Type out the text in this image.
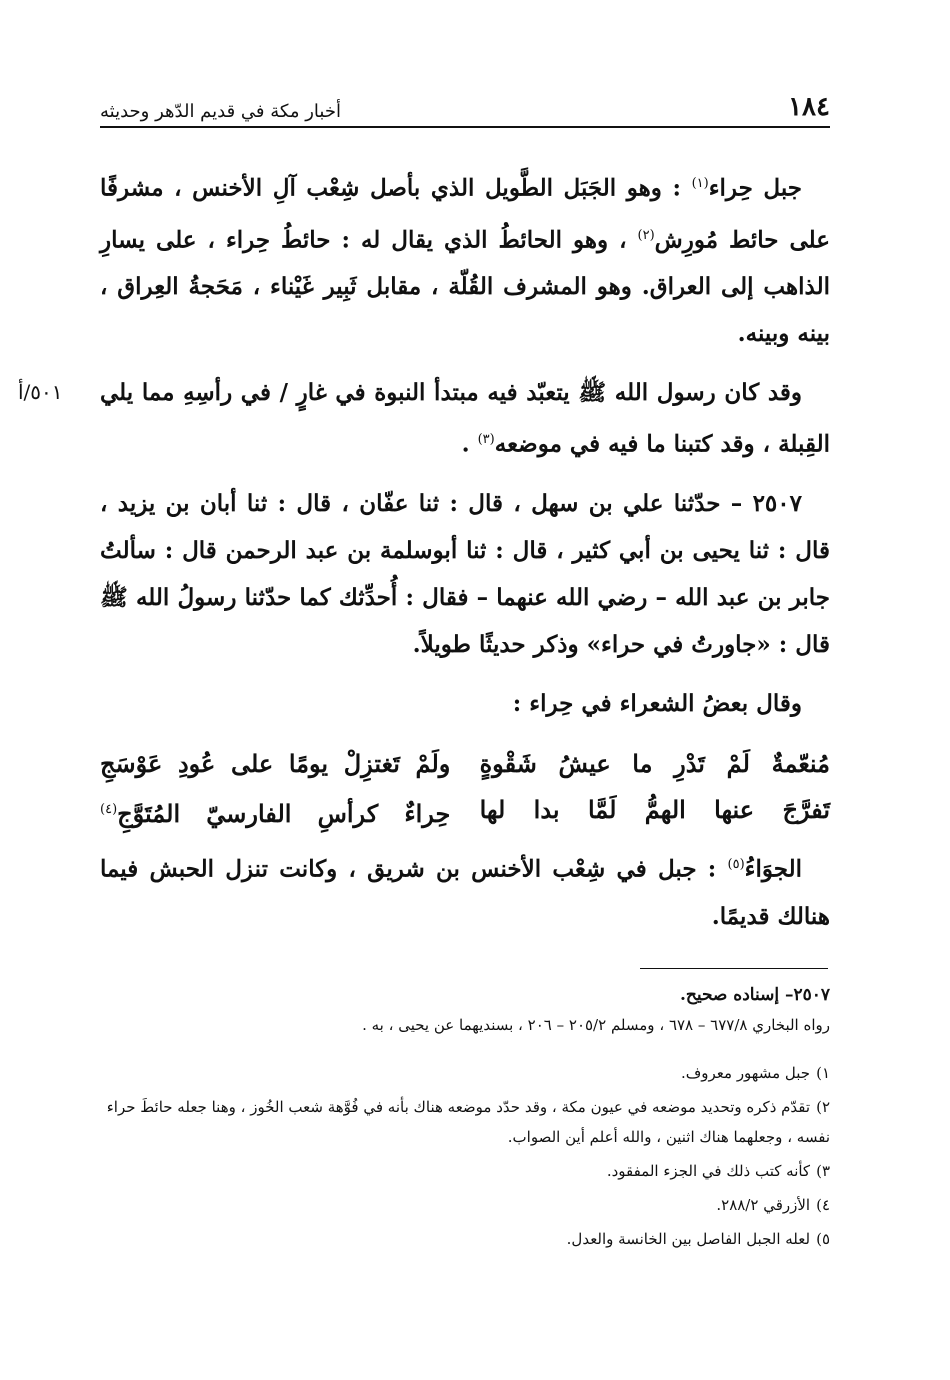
١٨٤
أخبار مكة في قديم الدّهر وحديثه

جبل حِراء$^{(١)}$ : وهو الجَبَل الطَّويل الذي بأصل شِعْب آلِ الأخنس ، مشرفًا على حائط مُورِش$^{(٢)}$ ، وهو الحائطُ الذي يقال له : حائطُ حِراء ، على يسارِ الذاهب إلى العراق. وهو المشرف القُلّة ، مقابل ثَبِير غَيْناء ، مَحَجةُ العِراق ، بينه وبينه.

٥٠١/أ	وقد كان رسول الله ﷺ يتعبّد فيه مبتدأ النبوة في غارٍ / في رأسِهِ مما يلي القِبلة ، وقد كتبنا ما فيه في موضعه$^{(٣)}$ .

٢٥٠٧ – حدّثنا علي بن سهل ، قال : ثنا عفّان ، قال : ثنا أبان بن يزيد ، قال : ثنا يحيى بن أبي كثير ، قال : ثنا أبوسلمة بن عبد الرحمن قال : سألتُ جابر بن عبد الله – رضي الله عنهما – فقال : أُحدِّثك كما حدّثنا رسولُ الله ﷺ قال : «جاورتُ في حراء» وذكر حديثًا طويلاً.

وقال بعضُ الشعراء في حِراء :

مُنعّمةٌ لَمْ تَدْرِ ما عيشُ شَقْوةٍ
ولَمْ تَغتزِلْ يومًا على عُودِ عَوْسَجِ
تَفرَّجَ عنها الهمُّ لَمَّا بدا لها
حِراءٌ كرأسِ الفارسيّ المُتَوَّجِ$^{(٤)}$

الجوَاءُ$^{(٥)}$ : جبل في شِعْب الأخنس بن شريق ، وكانت تنزل الحبش فيما هنالك قديمًا.

٢٥٠٧– إسناده صحيح.
رواه البخاري ٦٧٧/٨ – ٦٧٨ ، ومسلم ٢٠٥/٢ – ٢٠٦ ، بسنديهما عن يحيى ، به .
١)جبل مشهور معروف.
٢)تقدّم ذكره وتحديد موضعه في عيون مكة ، وقد حدّد موضعه هناك بأنه في فُوَّهة شعب الخُوز ، وهنا جعله حائطَ حراء نفسه ، وجعلهما هناك اثنين ، والله أعلم أين الصواب.
٣)كأنه كتب ذلك في الجزء المفقود.
٤)الأزرقي ٢٨٨/٢.
٥)لعله الجبل الفاصل بين الخانسة والعدل.
